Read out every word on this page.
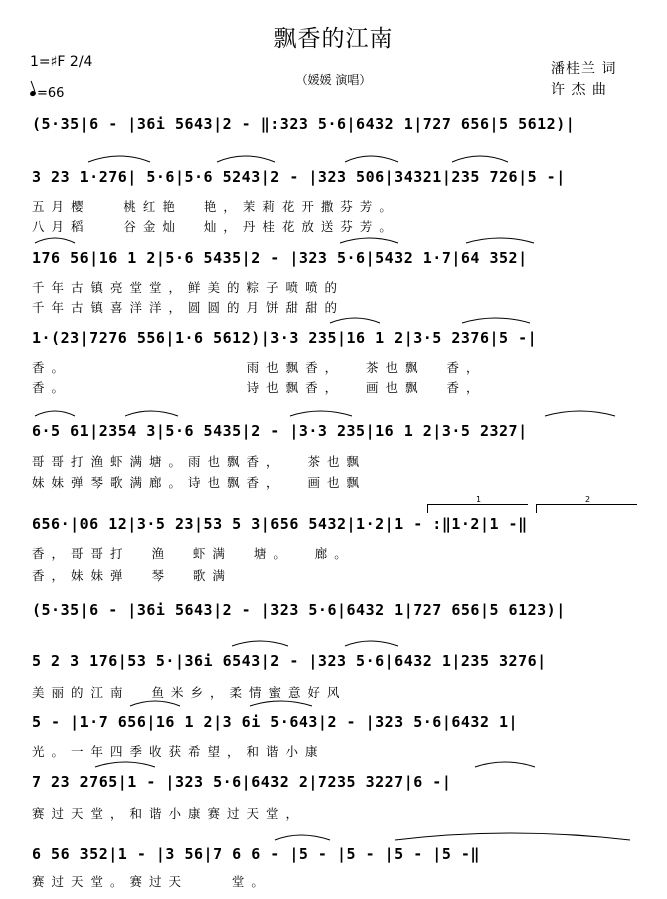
飘香的江南
1=♯F 2/4
=66
（媛媛 演唱）
潘桂兰 词
许 杰 曲
(5·35|6 - |36i 5643|2 - ‖:323 5·6|6432 1|727 656|5 5612)|
3 23 1·276| 5·6|5·6 5243|2 - |323 506|34321|235 726|5 -|
五月樱   桃红艳  艳，茉莉花开撒芬芳。
八月稻   谷金灿  灿，丹桂花放送芬芳。
176 56|16 1 2|5·6 5435|2 - |323 5·6|5432 1·7|64 352|
千年古镇亮堂堂，鲜美的粽子喷喷的
千年古镇喜洋洋，圆圆的月饼甜甜的
1·(23|7276 556|1·6 5612)|3·3 235|16 1 2|3·5 2376|5 -|
香。                雨也飘香，  茶也飘  香，
香。                诗也飘香，  画也飘  香，
6·5 61|2354 3|5·6 5435|2 - |3·3 235|16 1 2|3·5 2327|
哥哥打渔虾满塘。雨也飘香，  茶也飘
妹妹弹琴歌满廊。诗也飘香，  画也飘
1	2
656·|06 12|3·5 23|53 5 3|656 5432|1·2|1 - :‖1·2|1 -‖
香，哥哥打  渔  虾满  塘。  廊。
香，妹妹弹  琴  歌满
(5·35|6 - |36i 5643|2 - |323 5·6|6432 1|727 656|5 6123)|
5 2 3 176|53 5·|36i 6543|2 - |323 5·6|6432 1|235 3276|
美丽的江南  鱼米乡，柔情蜜意好风
5 - |1·7 656|16 1 2|3 6i 5·643|2 - |323 5·6|6432 1|
光。一年四季收获希望，和谐小康
7 23 2765|1 - |323 5·6|6432 2|7235 3227|6 -|
赛过天堂，和谐小康赛过天堂，
6 56 352|1 - |3 56|7 6 6 - |5 - |5 - |5 - |5 -‖
赛过天堂。赛过天    堂。
